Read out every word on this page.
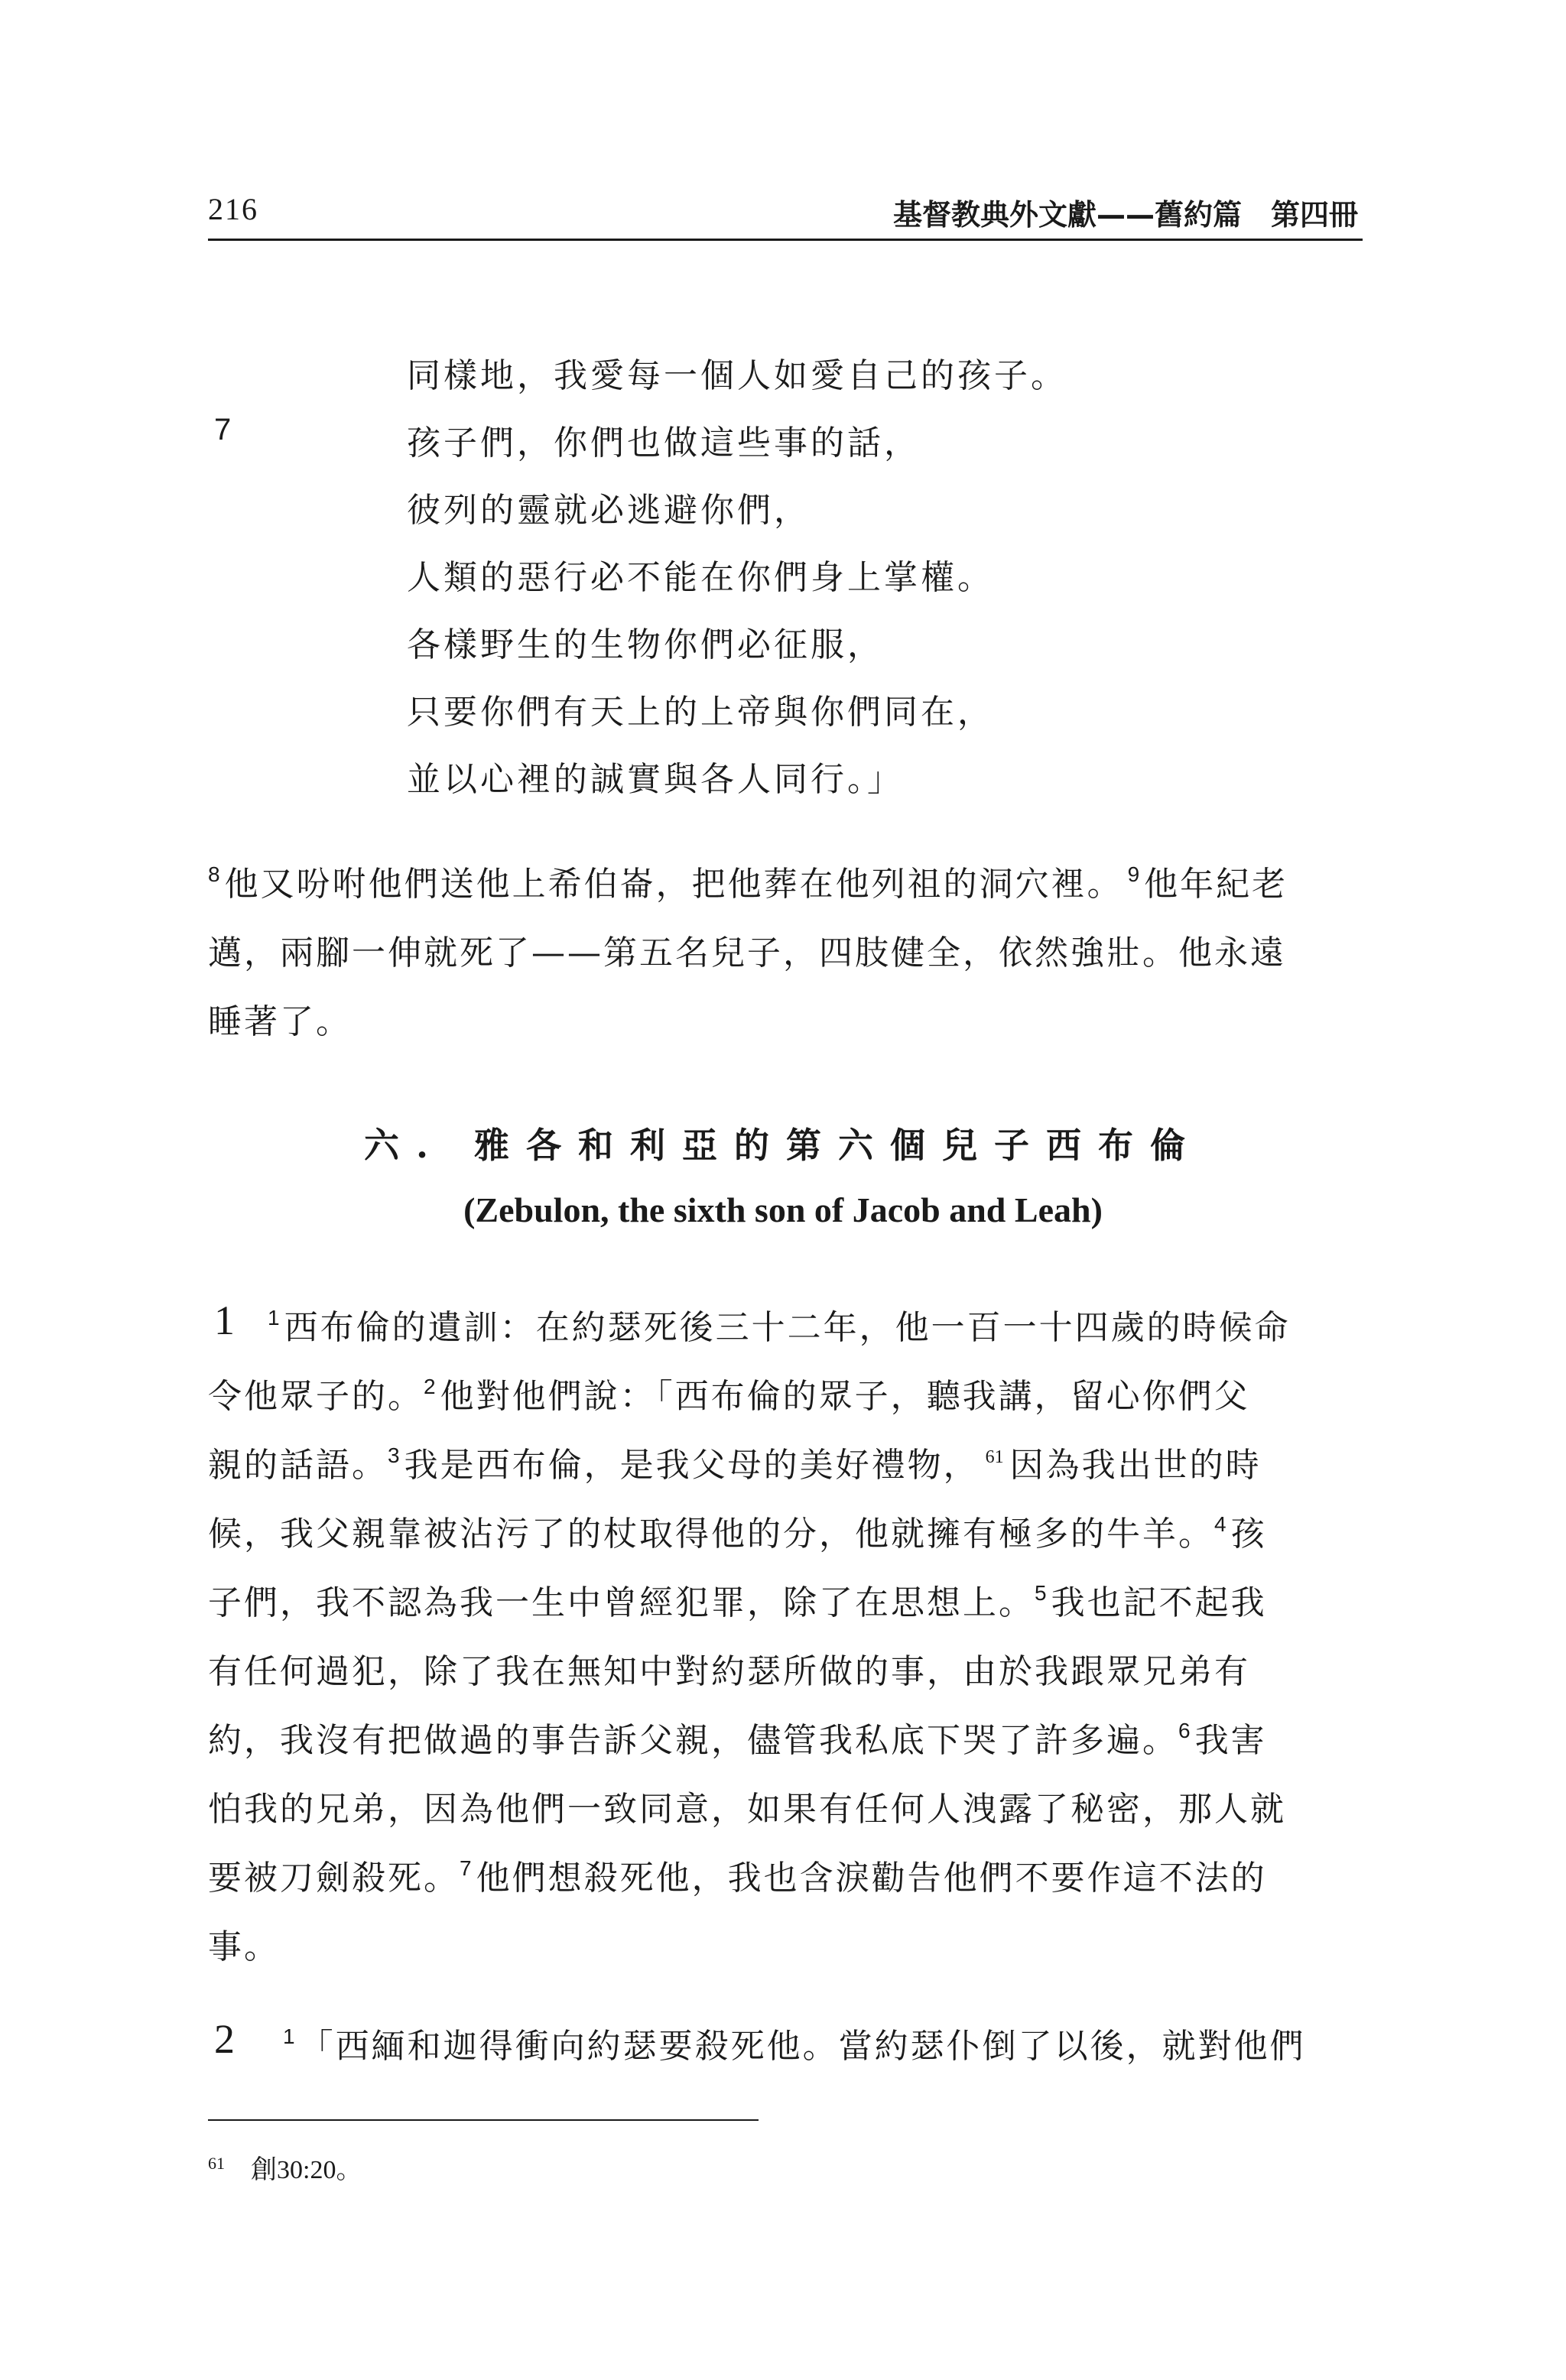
216	基督教典外文獻——舊約篇　第四冊
7
同樣地，我愛每一個人如愛自己的孩子。
孩子們，你們也做這些事的話，
彼列的靈就必逃避你們，
人類的惡行必不能在你們身上掌權。
各樣野生的生物你們必征服，
只要你們有天上的上帝與你們同在，
並以心裡的誠實與各人同行。」
$^8$ 他又吩咐他們送他上希伯崙，把他葬在他列祖的洞穴裡。 $^9$ 他年紀老
邁，兩腳一伸就死了——第五名兒子，四肢健全，依然強壯。他永遠
睡著了。
六. 雅各和利亞的第六個兒子西布倫
(Zebulon, the sixth son of Jacob and Leah)
1 $^1$ 西布倫的遺訓：在約瑟死後三十二年，他一百一十四歲的時候命
令他眾子的。$^2$ 他對他們說：「西布倫的眾子，聽我講，留心你們父
親的話語。$^3$ 我是西布倫，是我父母的美好禮物， $^{61}$ 因為我出世的時
候，我父親靠被沾污了的杖取得他的分，他就擁有極多的牛羊。$^4$ 孩
子們，我不認為我一生中曾經犯罪，除了在思想上。$^5$ 我也記不起我
有任何過犯，除了我在無知中對約瑟所做的事，由於我跟眾兄弟有
約，我沒有把做過的事告訴父親，儘管我私底下哭了許多遍。$^6$ 我害
怕我的兄弟，因為他們一致同意，如果有任何人洩露了秘密，那人就
要被刀劍殺死。$^7$ 他們想殺死他，我也含淚勸告他們不要作這不法的
事。
2 $^1$ 「西緬和迦得衝向約瑟要殺死他。當約瑟仆倒了以後，就對他們
$^{61}$ 創30:20。
